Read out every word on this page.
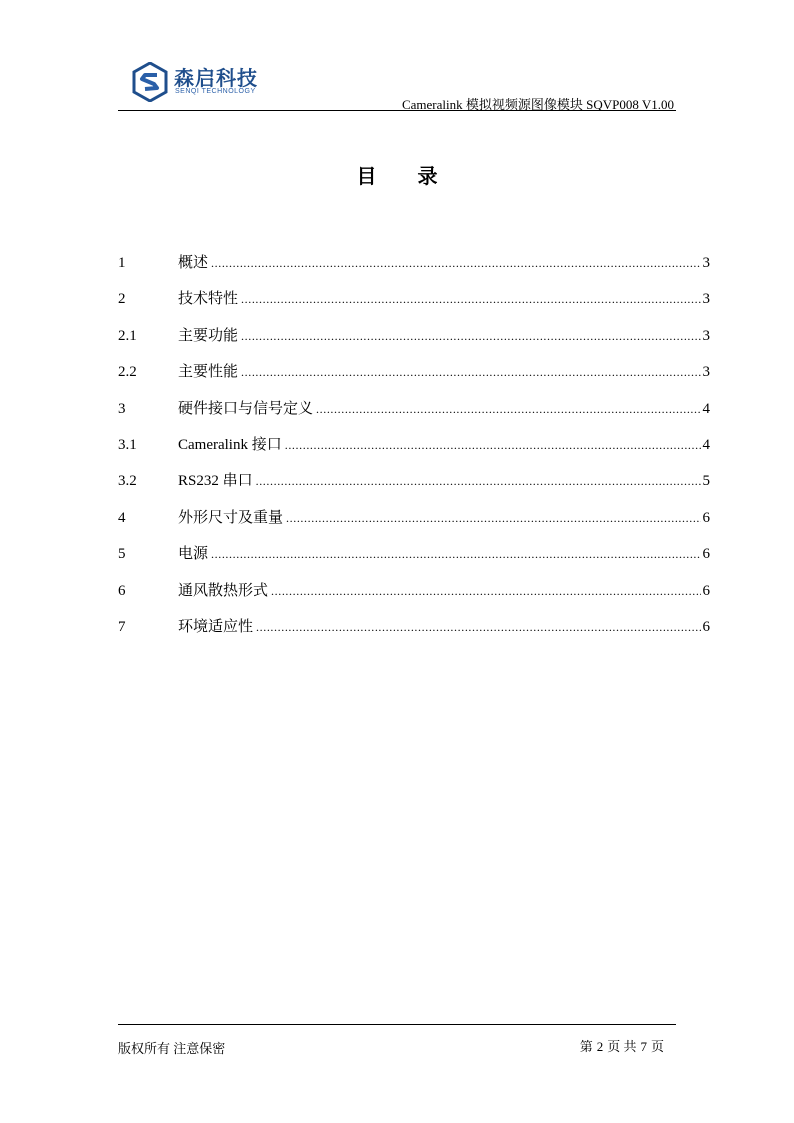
森启科技
SENQI TECHNOLOGY
Cameralink 模拟视频源图像模块 SQVP008 V1.00
目 录
1	概述 .....	3
2	技术特性 .....	3
2.1	主要功能 .....	3
2.2	主要性能 .....	3
3	硬件接口与信号定义 .....	4
3.1	Cameralink 接口 .....	4
3.2	RS232 串口 .....	5
4	外形尺寸及重量 .....	6
5	电源 .....	6
6	通风散热形式 .....	6
7	环境适应性 .....	6
版权所有 注意保密	第 2 页 共 7 页
